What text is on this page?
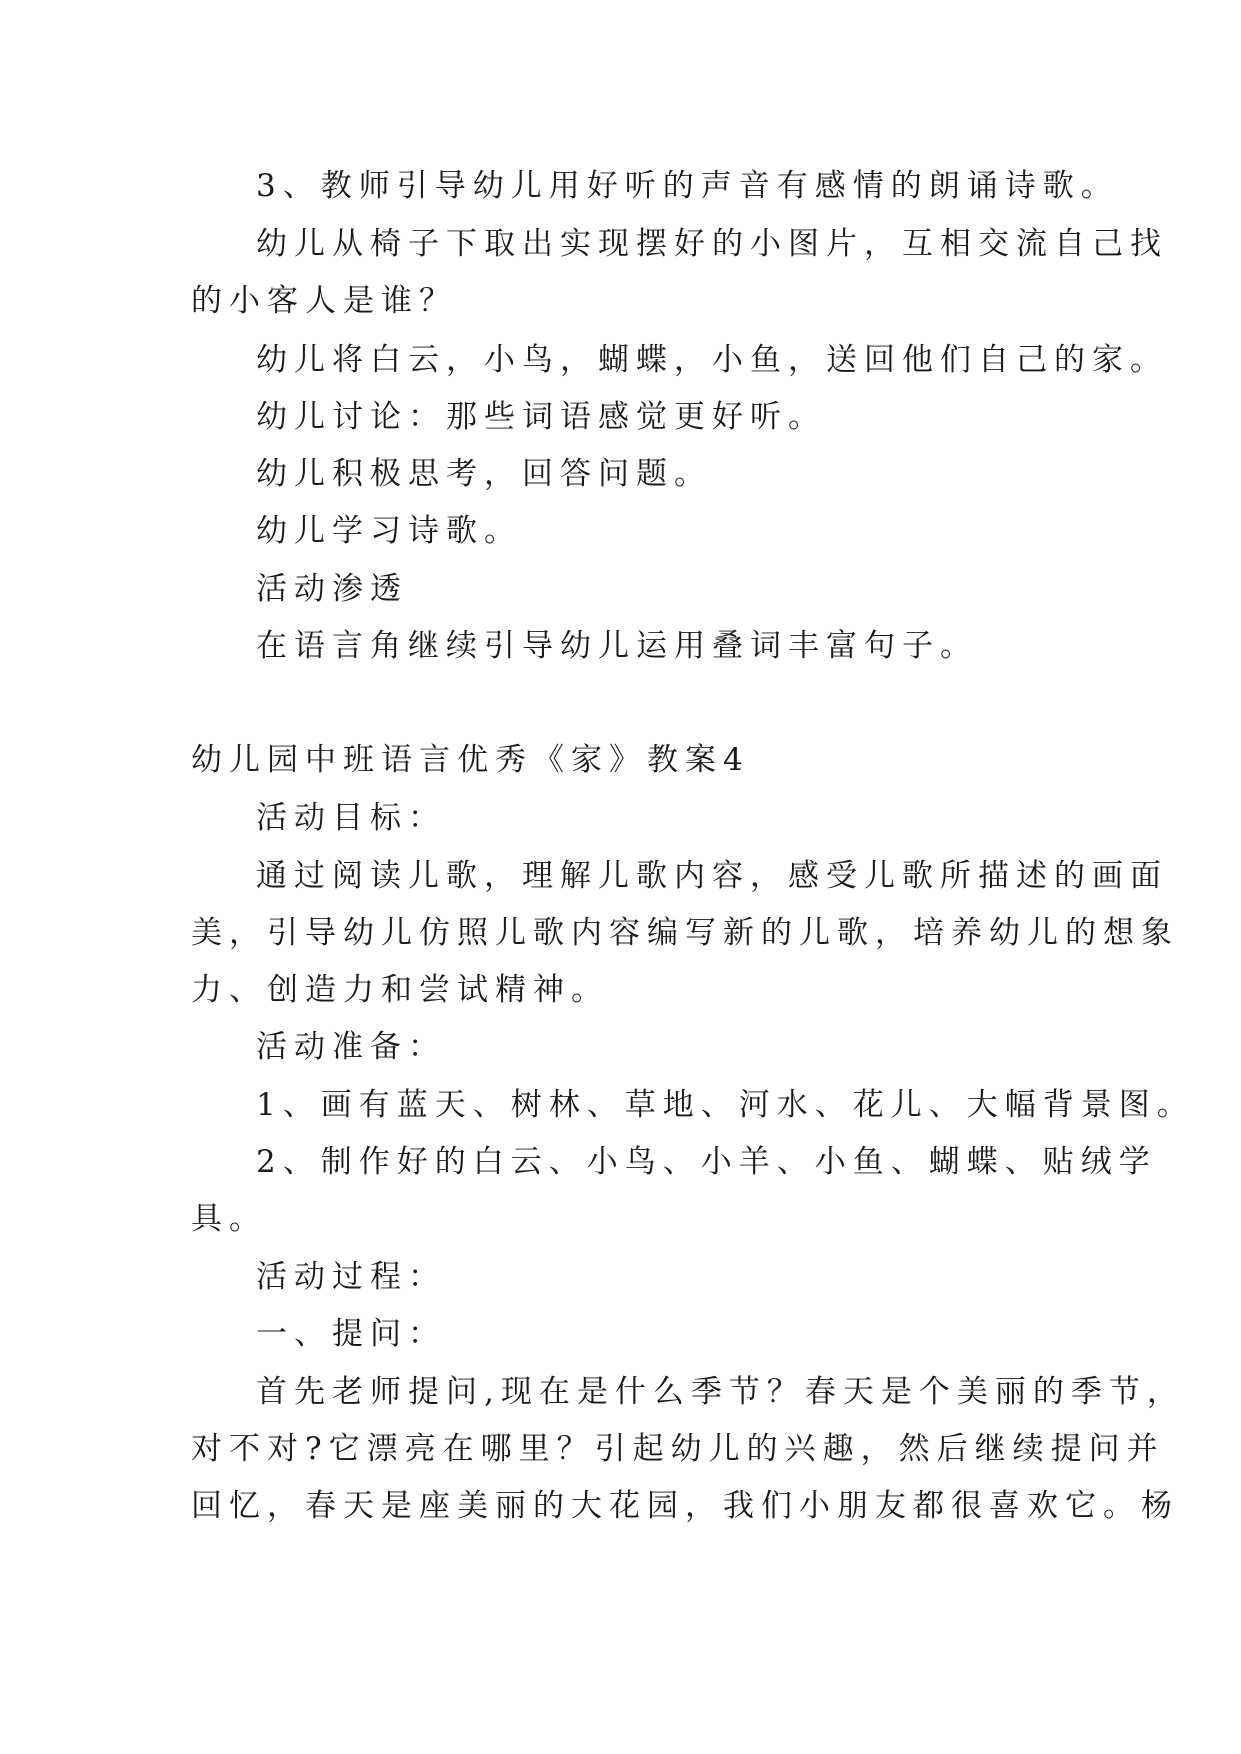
3、教师引导幼儿用好听的声音有感情的朗诵诗歌。
幼儿从椅子下取出实现摆好的小图片，互相交流自己找
的小客人是谁？
幼儿将白云，小鸟，蝴蝶，小鱼，送回他们自己的家。
幼儿讨论：那些词语感觉更好听。
幼儿积极思考，回答问题。
幼儿学习诗歌。
活动渗透
在语言角继续引导幼儿运用叠词丰富句子。
幼儿园中班语言优秀《家》教案4
活动目标：
通过阅读儿歌，理解儿歌内容，感受儿歌所描述的画面
美，引导幼儿仿照儿歌内容编写新的儿歌，培养幼儿的想象
力、创造力和尝试精神。
活动准备：
1、画有蓝天、树林、草地、河水、花儿、大幅背景图。
2、制作好的白云、小鸟、小羊、小鱼、蝴蝶、贴绒学
具。
活动过程：
一、提问：
首先老师提问,现在是什么季节？春天是个美丽的季节，
对不对?它漂亮在哪里？引起幼儿的兴趣，然后继续提问并
回忆，春天是座美丽的大花园，我们小朋友都很喜欢它。杨
